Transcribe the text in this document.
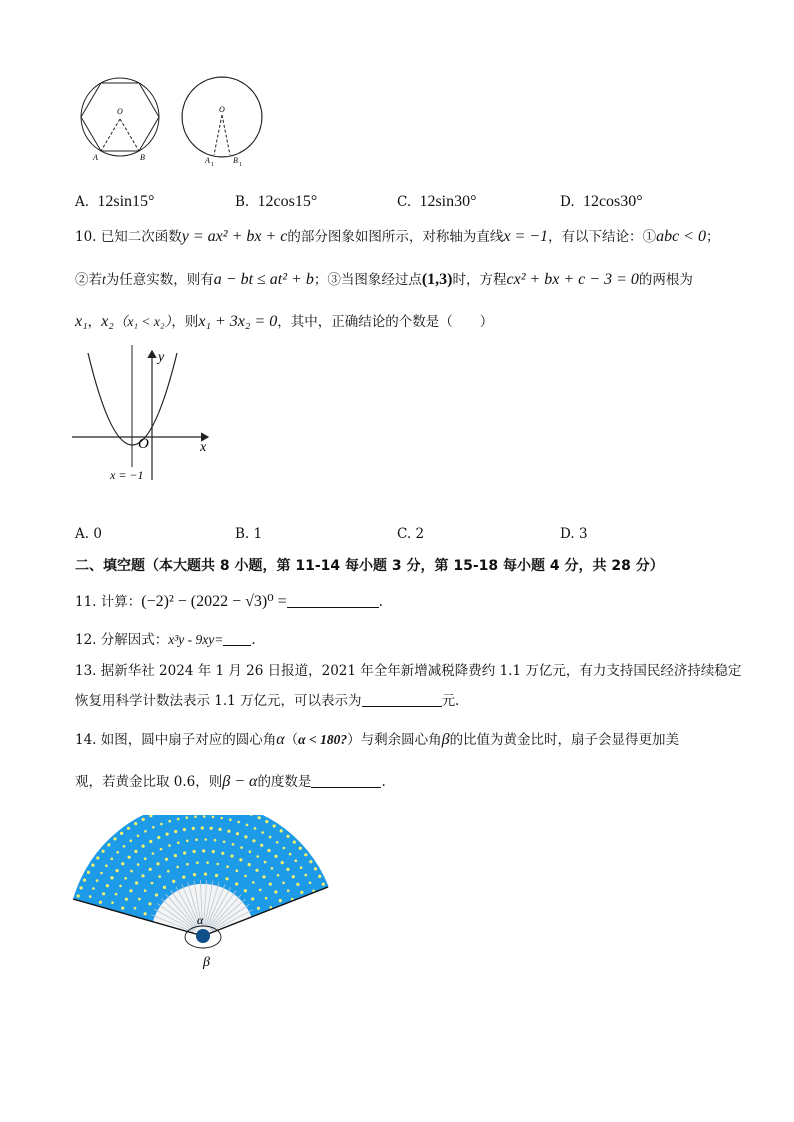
O
A	B
O
A 1 B 1
A. 12sin15°	B. 12cos15°	C. 12sin30°	D. 12cos30°
10. 已知二次函数y = ax² + bx + c的部分图象如图所示，对称轴为直线x = −1，有以下结论：①abc < 0；
②若t为任意实数，则有a − bt ≤ at² + b；③当图象经过点(1,3)时，方程cx² + bx + c − 3 = 0的两根为
x₁，x₂（x₁ < x₂），则x₁ + 3x₂ = 0，其中，正确结论的个数是（　　）
y
x
O
x = −1
A. 0	B. 1	C. 2	D. 3
二、填空题（本大题共 8 小题，第 11-14 每小题 3 分，第 15-18 每小题 4 分，共 28 分）
11. 计算：(−2)² − (2022 − √3)⁰ =	.
12. 分解因式：x³y - 9xy= .
13. 据新华社 2024 年 1 月 26 日报道，2021 年全年新增减税降费约 1.1 万亿元，有力支持国民经济持续稳定
恢复用科学计数法表示 1.1 万亿元，可以表示为	元.
14. 如图，圆中扇子对应的圆心角α（α < 180?）与剩余圆心角β的比值为黄金比时，扇子会显得更加美
观，若黄金比取 0.6，则β − α的度数是	.
α
β
